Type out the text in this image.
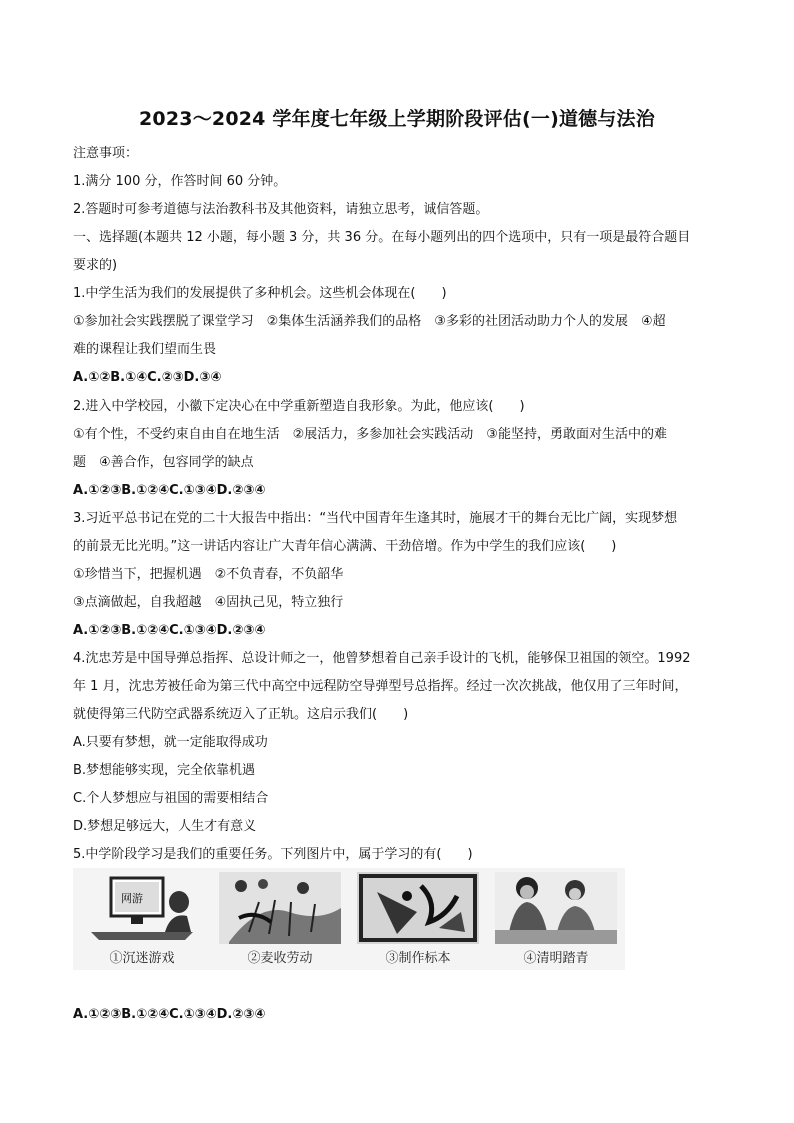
2023～2024 学年度七年级上学期阶段评估(一)道德与法治
注意事项：
1.满分 100 分，作答时间 60 分钟。
2.答题时可参考道德与法治教科书及其他资料，请独立思考，诚信答题。
一、选择题(本题共 12 小题，每小题 3 分，共 36 分。在每小题列出的四个选项中，只有一项是最符合题目
要求的)
1.中学生活为我们的发展提供了多种机会。这些机会体现在(　　)
①参加社会实践摆脱了课堂学习　②集体生活涵养我们的品格　③多彩的社团活动助力个人的发展　④超
难的课程让我们望而生畏
A.①②B.①④C.②③D.③④
2.进入中学校园，小徽下定决心在中学重新塑造自我形象。为此，他应该(　　)
①有个性，不受约束自由自在地生活　②展活力，多参加社会实践活动　③能坚持，勇敢面对生活中的难
题　④善合作，包容同学的缺点
A.①②③B.①②④C.①③④D.②③④
3.习近平总书记在党的二十大报告中指出：“当代中国青年生逢其时，施展才干的舞台无比广阔，实现梦想
的前景无比光明。”这一讲话内容让广大青年信心满满、干劲倍增。作为中学生的我们应该(　　)
①珍惜当下，把握机遇　②不负青春，不负韶华
③点滴做起，自我超越　④固执己见，特立独行
A.①②③B.①②④C.①③④D.②③④
4.沈忠芳是中国导弹总指挥、总设计师之一，他曾梦想着自己亲手设计的飞机，能够保卫祖国的领空。1992
年 1 月，沈忠芳被任命为第三代中高空中远程防空导弹型号总指挥。经过一次次挑战，他仅用了三年时间，
就使得第三代防空武器系统迈入了正轨。这启示我们(　　)
A.只要有梦想，就一定能取得成功
B.梦想能够实现，完全依靠机遇
C.个人梦想应与祖国的需要相结合
D.梦想足够远大，人生才有意义
5.中学阶段学习是我们的重要任务。下列图片中，属于学习的有(　　)
网游
①沉迷游戏	②麦收劳动	③制作标本	④清明踏青
A.①②③B.①②④C.①③④D.②③④
